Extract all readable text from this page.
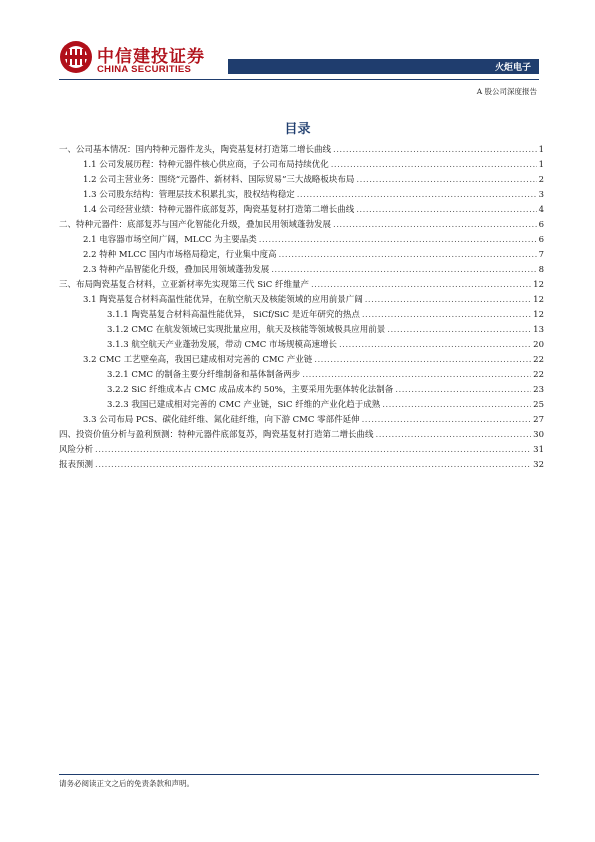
中信建投证券
CHINA SECURITIES	火炬电子
A 股公司深度报告
目录
一、公司基本情况：国内特种元器件龙头，陶瓷基复材打造第二增长曲线 .....	1
1.1 公司发展历程：特种元器件核心供应商，子公司布局持续优化 .....	1
1.2 公司主营业务：围绕“元器件、新材料、国际贸易”三大战略板块布局 .....	2
1.3 公司股东结构：管理层技术积累扎实，股权结构稳定 .....	3
1.4 公司经营业绩：特种元器件底部复苏，陶瓷基复材打造第二增长曲线 .....	4
二、特种元器件：底部复苏与国产化智能化升级，叠加民用领域蓬勃发展 .....	6
2.1 电容器市场空间广阔，MLCC 为主要品类 .....	6
2.2 特种 MLCC 国内市场格局稳定，行业集中度高 .....	7
2.3 特种产品智能化升级，叠加民用领域蓬勃发展 .....	8
三、布局陶瓷基复合材料，立亚新材率先实现第三代 SiC 纤维量产 .....	12
3.1 陶瓷基复合材料高温性能优异，在航空航天及核能领域的应用前景广阔 .....	12
3.1.1 陶瓷基复合材料高温性能优异， SiCf/SiC 是近年研究的热点 .....	12
3.1.2 CMC 在航发领域已实现批量应用，航天及核能等领域极具应用前景 .....	13
3.1.3 航空航天产业蓬勃发展，带动 CMC 市场规模高速增长 .....	20
3.2 CMC 工艺壁垒高，我国已建成相对完善的 CMC 产业链 .....	22
3.2.1 CMC 的制备主要分纤维制备和基体制备两步 .....	22
3.2.2 SiC 纤维成本占 CMC 成品成本约 50%，主要采用先驱体转化法制备 .....	23
3.2.3 我国已建成相对完善的 CMC 产业链，SiC 纤维的产业化趋于成熟 .....	25
3.3 公司布局 PCS、碳化硅纤维、氮化硅纤维，向下游 CMC 零部件延伸 .....	27
四、投资价值分析与盈利预测：特种元器件底部复苏，陶瓷基复材打造第二增长曲线 .....	30
风险分析 .....	31
报表预测 .....	32
请务必阅读正文之后的免责条款和声明。
